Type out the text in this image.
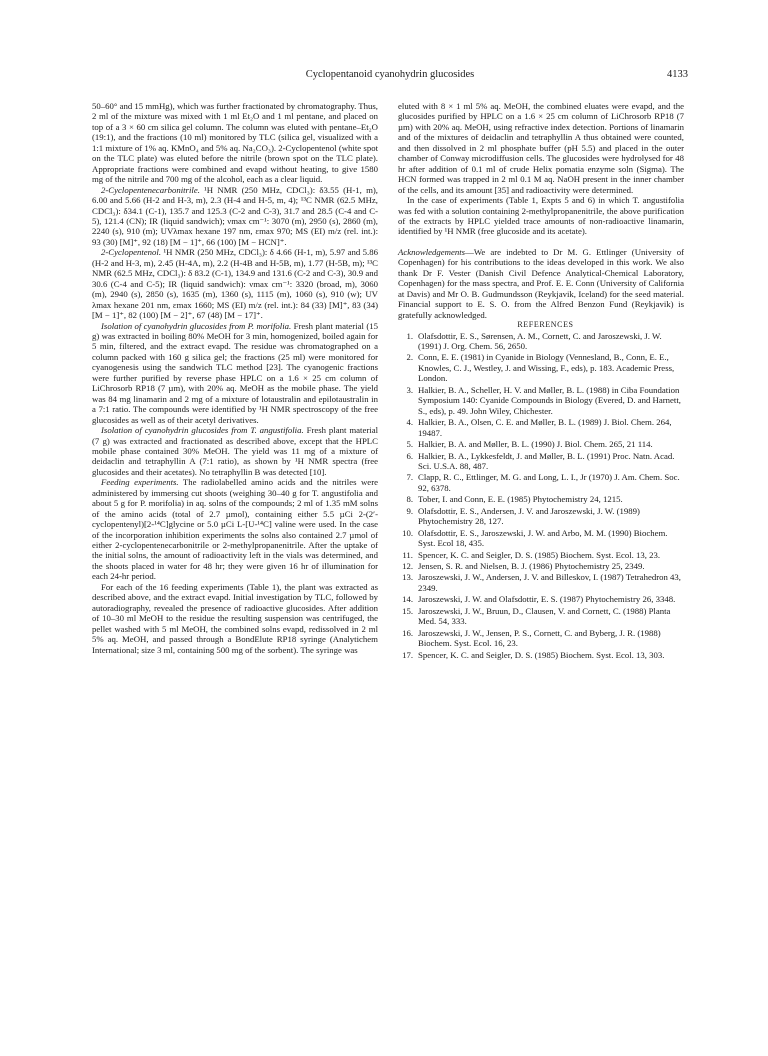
Cyclopentanoid cyanohydrin glucosides	4133

50–60° and 15 mmHg), which was further fractionated by chromatography. Thus, 2 ml of the mixture was mixed with 1 ml Et₂O and 1 ml pentane, and placed on top of a 3 × 60 cm silica gel column. The column was eluted with pentane–Et₂O (19:1), and the fractions (10 ml) monitored by TLC (silica gel, visualized with a 1:1 mixture of 1% aq. KMnO₄ and 5% aq. Na₂CO₃). 2-Cyclopentenol (white spot on the TLC plate) was eluted before the nitrile (brown spot on the TLC plate). Appropriate fractions were combined and evapd without heating, to give 1580 mg of the nitrile and 700 mg of the alcohol, each as a clear liquid.

2-Cyclopentenecarbonitrile. ¹H NMR (250 MHz, CDCl₃): δ3.55 (H-1, m), 6.00 and 5.66 (H-2 and H-3, m), 2.3 (H-4 and H-5, m, 4); ¹³C NMR (62.5 MHz, CDCl₃): δ34.1 (C-1), 135.7 and 125.3 (C-2 and C-3), 31.7 and 28.5 (C-4 and C-5), 121.4 (CN); IR (liquid sandwich); νmax cm⁻¹: 3070 (m), 2950 (s), 2860 (m), 2240 (s), 910 (m); UVλmax hexane 197 nm, εmax 970; MS (EI) m/z (rel. int.): 93 (30) [M]⁺, 92 (18) [M − 1]⁺, 66 (100) [M − HCN]⁺.

2-Cyclopentenol. ¹H NMR (250 MHz, CDCl₃): δ 4.66 (H-1, m), 5.97 and 5.86 (H-2 and H-3, m), 2.45 (H-4A, m), 2.2 (H-4B and H-5B, m), 1.77 (H-5B, m); ¹³C NMR (62.5 MHz, CDCl₃): δ 83.2 (C-1), 134.9 and 131.6 (C-2 and C-3), 30.9 and 30.6 (C-4 and C-5); IR (liquid sandwich): νmax cm⁻¹: 3320 (broad, m), 3060 (m), 2940 (s), 2850 (s), 1635 (m), 1360 (s), 1115 (m), 1060 (s), 910 (w); UV λmax hexane 201 nm, εmax 1660; MS (EI) m/z (rel. int.): 84 (33) [M]⁺, 83 (34) [M − 1]⁺, 82 (100) [M − 2]⁺, 67 (48) [M − 17]⁺.

Isolation of cyanohydrin glucosides from P. morifolia. Fresh plant material (15 g) was extracted in boiling 80% MeOH for 3 min, homogenized, boiled again for 5 min, filtered, and the extract evapd. The residue was chromatographed on a column packed with 160 g silica gel; the fractions (25 ml) were monitored for cyanogenesis using the sandwich TLC method [23]. The cyanogenic fractions were further purified by reverse phase HPLC on a 1.6 × 25 cm column of LiChrosorb RP18 (7 µm), with 20% aq. MeOH as the mobile phase. The yield was 84 mg linamarin and 2 mg of a mixture of lotaustralin and epilotaustralin in a 7:1 ratio. The compounds were identified by ¹H NMR spectroscopy of the free glucosides as well as of their acetyl derivatives.

Isolation of cyanohydrin glucosides from T. angustifolia. Fresh plant material (7 g) was extracted and fractionated as described above, except that the HPLC mobile phase contained 30% MeOH. The yield was 11 mg of a mixture of deidaclin and tetraphyllin A (7:1 ratio), as shown by ¹H NMR spectra (free glucosides and their acetates). No tetraphyllin B was detected [10].

Feeding experiments. The radiolabelled amino acids and the nitriles were administered by immersing cut shoots (weighing 30–40 g for T. angustifolia and about 5 g for P. morifolia) in aq. solns of the compounds; 2 ml of 1.35 mM solns of the amino acids (total of 2.7 µmol), containing either 5.5 µCi 2-(2′-cyclopentenyl)[2-¹⁴C]glycine or 5.0 µCi L-[U-¹⁴C] valine were used. In the case of the incorporation inhibition experiments the solns also contained 2.7 µmol of either 2-cyclopentenecarbonitrile or 2-methylpropanenitrile. After the uptake of the initial solns, the amount of radioactivity left in the vials was determined, and the shoots placed in water for 48 hr; they were given 16 hr of illumination for each 24-hr period.

For each of the 16 feeding experiments (Table 1), the plant was extracted as described above, and the extract evapd. Initial investigation by TLC, followed by autoradiography, revealed the presence of radioactive glucosides. After addition of 10–30 ml MeOH to the residue the resulting suspension was centrifuged, the pellet washed with 5 ml MeOH, the combined solns evapd, redissolved in 2 ml 5% aq. MeOH, and passed through a BondElute RP18 syringe (Analytichem International; size 3 ml, containing 500 mg of the sorbent). The syringe was

eluted with 8 × 1 ml 5% aq. MeOH, the combined eluates were evapd, and the glucosides purified by HPLC on a 1.6 × 25 cm column of LiChrosorb RP18 (7 µm) with 20% aq. MeOH, using refractive index detection. Portions of linamarin and of the mixtures of deidaclin and tetraphyllin A thus obtained were counted, and then dissolved in 2 ml phosphate buffer (pH 5.5) and placed in the outer chamber of Conway microdiffusion cells. The glucosides were hydrolysed for 48 hr after addition of 0.1 ml of crude Helix pomatia enzyme soln (Sigma). The HCN formed was trapped in 2 ml 0.1 M aq. NaOH present in the inner chamber of the cells, and its amount [35] and radioactivity were determined.

In the case of experiments (Table 1, Expts 5 and 6) in which T. angustifolia was fed with a solution containing 2-methylpropanenitrile, the above purification of the extracts by HPLC yielded trace amounts of non-radioactive linamarin, identified by ¹H NMR (free glucoside and its acetate).

Acknowledgements—We are indebted to Dr M. G. Ettlinger (University of Copenhagen) for his contributions to the ideas developed in this work. We also thank Dr F. Vester (Danish Civil Defence Analytical-Chemical Laboratory, Copenhagen) for the mass spectra, and Prof. E. E. Conn (University of California at Davis) and Mr O. B. Gudmundsson (Reykjavik, Iceland) for the seed material. Financial support to E. S. O. from the Alfred Benzon Fund (Reykjavik) is gratefully acknowledged.

REFERENCES

1. Olafsdottir, E. S., Sørensen, A. M., Cornett, C. and Jaroszewski, J. W. (1991) J. Org. Chem. 56, 2650.
2. Conn, E. E. (1981) in Cyanide in Biology (Vennesland, B., Conn, E. E., Knowles, C. J., Westley, J. and Wissing, F., eds), p. 183. Academic Press, London.
3. Halkier, B. A., Scheller, H. V. and Møller, B. L. (1988) in Ciba Foundation Symposium 140: Cyanide Compounds in Biology (Evered, D. and Harnett, S., eds), p. 49. John Wiley, Chichester.
4. Halkier, B. A., Olsen, C. E. and Møller, B. L. (1989) J. Biol. Chem. 264, 19487.
5. Halkier, B. A. and Møller, B. L. (1990) J. Biol. Chem. 265, 21 114.
6. Halkier, B. A., Lykkesfeldt, J. and Møller, B. L. (1991) Proc. Natn. Acad. Sci. U.S.A. 88, 487.
7. Clapp, R. C., Ettlinger, M. G. and Long, L. I., Jr (1970) J. Am. Chem. Soc. 92, 6378.
8. Tober, I. and Conn, E. E. (1985) Phytochemistry 24, 1215.
9. Olafsdottir, E. S., Andersen, J. V. and Jaroszewski, J. W. (1989) Phytochemistry 28, 127.
10. Olafsdottir, E. S., Jaroszewski, J. W. and Arbo, M. M. (1990) Biochem. Syst. Ecol 18, 435.
11. Spencer, K. C. and Seigler, D. S. (1985) Biochem. Syst. Ecol. 13, 23.
12. Jensen, S. R. and Nielsen, B. J. (1986) Phytochemistry 25, 2349.
13. Jaroszewski, J. W., Andersen, J. V. and Billeskov, I. (1987) Tetrahedron 43, 2349.
14. Jaroszewski, J. W. and Olafsdottir, E. S. (1987) Phytochemistry 26, 3348.
15. Jaroszewski, J. W., Bruun, D., Clausen, V. and Cornett, C. (1988) Planta Med. 54, 333.
16. Jaroszewski, J. W., Jensen, P. S., Cornett, C. and Byberg, J. R. (1988) Biochem. Syst. Ecol. 16, 23.
17. Spencer, K. C. and Seigler, D. S. (1985) Biochem. Syst. Ecol. 13, 303.
